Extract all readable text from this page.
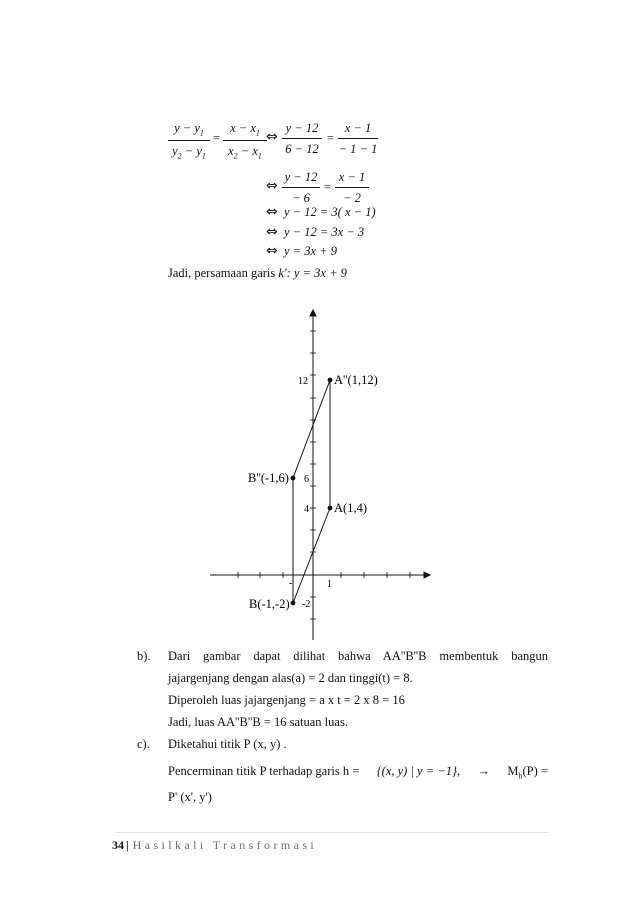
$\frac{y - y_1}{y_2 - y_1} = \frac{x - x_1}{x_2 - x_1}$ ⇔ $\frac{y - 12}{6 - 12} = \frac{x - 1}{- 1 - 1}$
⇔ $\frac{y - 12}{- 6} = \frac{x - 1}{- 2}$
⇔ y − 12 = 3( x − 1)
⇔ y − 12 = 3x − 3
⇔ y = 3x + 9
Jadi, persamaan garis k': y = 3x + 9
12
6
4
-2
-	1
A''(1,12)
B''(-1,6)
A(1,4)
B(-1,-2)
b). Dari gambar dapat dilihat bahwa AA''B''B membentuk bangun
jajargenjang dengan alas(a) = 2 dan tinggi(t) = 8.
Diperoleh luas jajargenjang = a x t = 2 x 8 = 16
Jadi, luas AA''B''B = 16 satuan luas.
c). Diketahui titik P (x, y) .
Pencerminan titik P terhadap garis h = {(x, y) | y = −1}, → $M_h(P)$ =
P' (x', y')
34 | Hasilkali Transformasi
